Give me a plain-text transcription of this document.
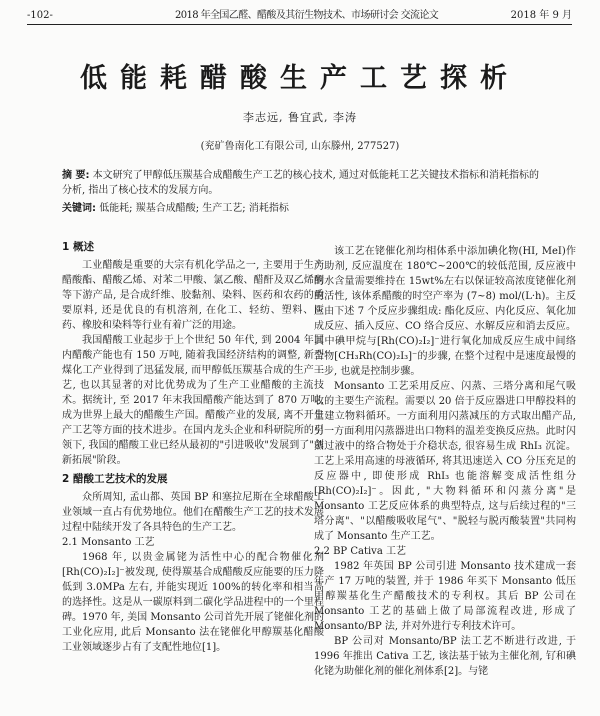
-102-	2018 年全国乙醛、醋酸及其衍生物技术、市场研讨会 交流论文	2018 年 9 月
低能耗醋酸生产工艺探析
李志远, 鲁宜武, 李涛
(兖矿鲁南化工有限公司, 山东滕州, 277527)
摘 要: 本文研究了甲醇低压羰基合成醋酸生产工艺的核心技术, 通过对低能耗工艺关键技术指标和消耗指标的分析, 指出了核心技术的发展方向。
关键词: 低能耗; 羰基合成醋酸; 生产工艺; 消耗指标
1 概述

工业醋酸是重要的大宗有机化学品之一, 主要用于生产醋酸酯、醋酸乙烯、对苯二甲酸、氯乙酸、醋酐及双乙烯酮等下游产品, 是合成纤维、胶黏剂、染料、医药和农药的重要原料, 还是优良的有机溶剂, 在化工、轻纺、塑料、医药、橡胶和染料等行业有着广泛的用途。

我国醋酸工业起步于上个世纪 50 年代, 到 2004 年国内醋酸产能也有 150 万吨, 随着我国经济结构的调整, 新型煤化工产业得到了迅猛发展, 而甲醇低压羰基合成的生产工艺, 也以其显著的对比优势成为了生产工业醋酸的主流技术。据统计, 至 2017 年末我国醋酸产能达到了 870 万吨, 成为世界上最大的醋酸生产国。醋酸产业的发展, 离不开生产工艺等方面的技术进步。在国内龙头企业和科研院所的引领下, 我国的醋酸工业已经从最初的"引进吸收"发展到了"创新拓展"阶段。

2 醋酸工艺技术的发展

众所周知, 孟山都、英国 BP 和塞拉尼斯在全球醋酸工业领域一直占有优势地位。他们在醋酸生产工艺的技术发展过程中陆续开发了各具特色的生产工艺。

2.1 Monsanto 工艺

1968 年, 以贵金属铑为活性中心的配合物催化剂[Rh(CO)₂I₂]⁻被发现, 使得羰基合成醋酸反应能要的压力降低到 3.0MPa 左右, 并能实现近 100%的转化率和相当高的选择性。这是从一碳原料到二碳化学品进程中的一个里程碑。1970 年, 美国 Monsanto 公司首先开展了铑催化剂的工业化应用, 此后 Monsanto 法在铑催化甲醇羰基化醋酸工业领域逐步占有了支配性地位[1]。

该工艺在铑催化剂均相体系中添加碘化物(HI, MeI)作为助剂, 反应温度在 180℃~200℃的较低范围, 反应液中的水含量需要维持在 15wt%左右以保证较高浓度铑催化剂的活性, 该体系醋酸的时空产率为 (7~8) mol/(L·h)。主反应由下述 7 个反应步骤组成: 酯化反应、内化反应、氧化加成反应、插入反应、CO 络合反应、水解反应和消去反应。其中碘甲烷与[Rh(CO)₂I₂]⁻进行氧化加成反应生成中间络合物[CH₃Rh(CO)₂I₃]⁻的步骤, 在整个过程中是速度最慢的一步, 也就是控制步骤。

Monsanto 工艺采用反应、闪蒸、三塔分离和尾气吸收的主要生产流程。需要以 20 倍于反应器进口甲醇投料的量建立物料循环。一方面利用闪蒸减压的方式取出醋产品, 另一方面利用闪蒸器进出口物料的温差变换反应热。此时闪蒸过液中的络合物处于介稳状态, 很容易生成 RhI₃ 沉淀。工艺上采用高速的母液循环, 将其迅速送入 CO 分压充足的反应器中, 即使形成 RhI₃ 也能溶解变成活性组分[Rh(CO)₂I₂]⁻。因此, "大物料循环和闪蒸分离"是 Monsanto 工艺反应体系的典型特点, 这与后续过程的"三塔分离"、"以醋酸吸收尾气"、"脱轻与脱丙酸装置"共同构成了 Monsanto 生产工艺。

2.2 BP Cativa 工艺

1982 年英国 BP 公司引进 Monsanto 技术建成一套年产 17 万吨的装置, 并于 1986 年买下 Monsanto 低压甲醇羰基化生产醋酸技术的专利权。其后 BP 公司在 Monsanto 工艺的基础上做了局部流程改进, 形成了 Monsanto/BP 法, 并对外进行专利技术许可。

BP 公司对 Monsanto/BP 法工艺不断进行改进, 于 1996 年推出 Cativa 工艺, 该法基于铱为主催化剂, 钌和碘化铑为助催化剂的催化剂体系[2]。与铑
